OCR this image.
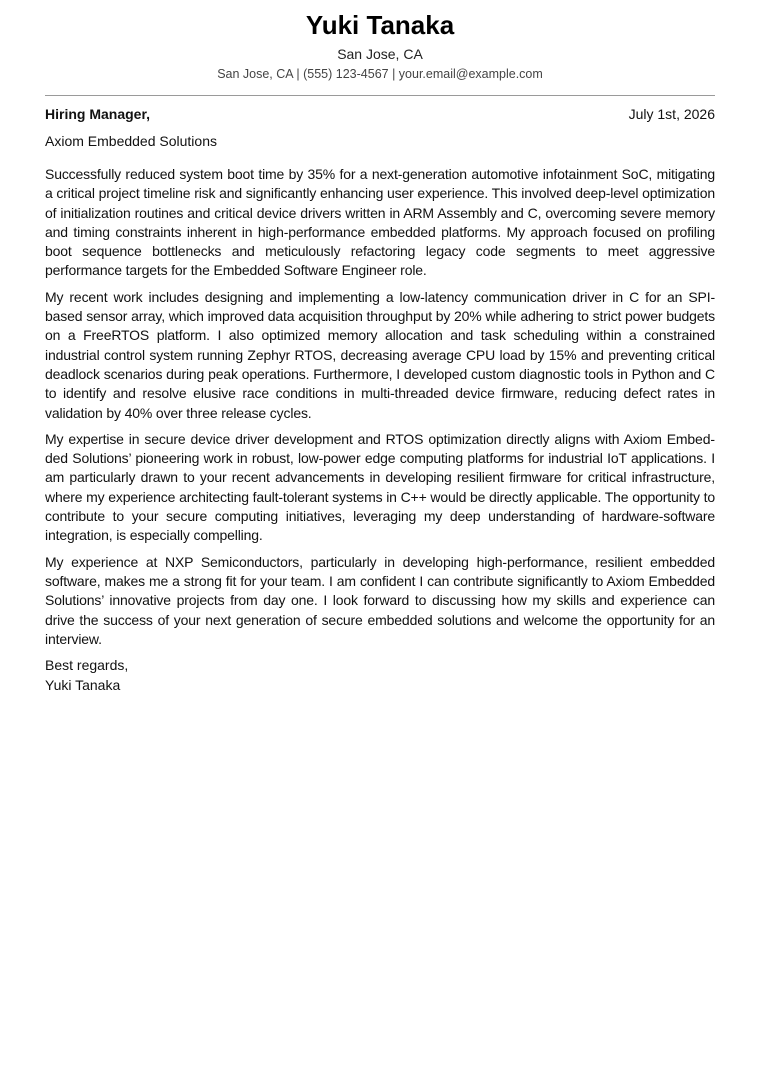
Yuki Tanaka
San Jose, CA
San Jose, CA | (555) 123-4567 | your.email@example.com
Hiring Manager,	July 1st, 2026
Axiom Embedded Solutions

Successfully reduced system boot time by 35% for a next-generation automotive infotainment SoC, mitigating a critical project timeline risk and significantly enhancing user experience. This involved deep-level optimization of initialization routines and critical device drivers written in ARM Assembly and C, overcoming severe memory and timing constraints inherent in high-performance embedded platforms. My approach focused on profiling boot sequence bottlenecks and meticulously refactoring legacy code segments to meet aggressive performance targets for the Embedded Software Engineer role.

My recent work includes designing and implementing a low-latency communication driver in C for an SPI-based sensor array, which improved data acquisition throughput by 20% while adhering to strict power budgets on a FreeRTOS platform. I also optimized memory allocation and task scheduling within a constrained industrial control system running Zephyr RTOS, decreasing average CPU load by 15% and preventing critical deadlock scenarios during peak operations. Furthermore, I developed custom diagnostic tools in Python and C to identify and resolve elusive race conditions in multi-threaded device firmware, reducing defect rates in validation by 40% over three release cycles.

My expertise in secure device driver development and RTOS optimization directly aligns with Axiom Embedded Solutions’ pioneering work in robust, low-power edge computing platforms for industrial IoT applications. I am particularly drawn to your recent advancements in developing resilient firmware for critical infrastructure, where my experience architecting fault-tolerant systems in C++ would be directly applicable. The opportunity to contribute to your secure computing initiatives, leveraging my deep understanding of hardware-software integration, is especially compelling.

My experience at NXP Semiconductors, particularly in developing high-performance, resilient embedded software, makes me a strong fit for your team. I am confident I can contribute significantly to Axiom Embedded Solutions’ innovative projects from day one. I look forward to discussing how my skills and experience can drive the success of your next generation of secure embedded solutions and welcome the opportunity for an interview.

Best regards,
Yuki Tanaka
